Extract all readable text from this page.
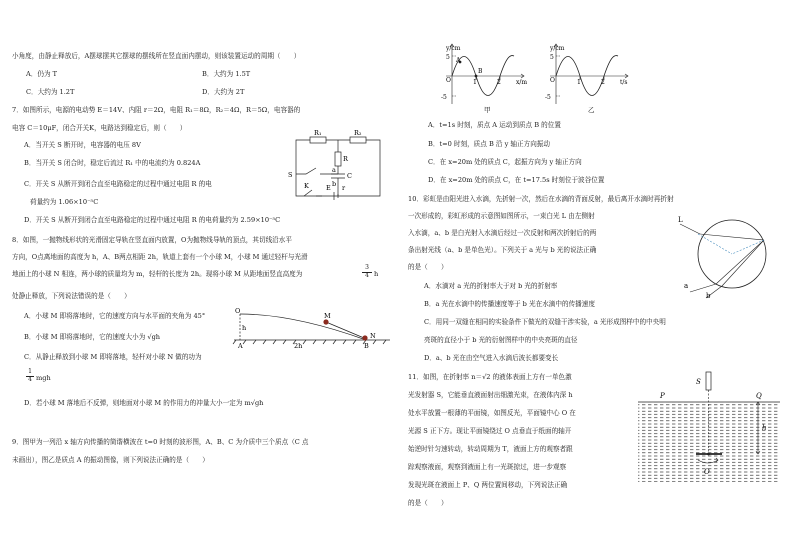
小角度，由静止释放后，A摆球摆其它摆球的摆线所在竖直面内摆动，则该装置运动的周期（　　）
A．仍为 T	B．大约为 1.5T
C．大约为 1.2T	D．大约为 2T
7．如图所示，电源的电动势 E＝14V、内阻 r＝2Ω，电阻 R₁＝8Ω，R₂＝4Ω，R＝5Ω，电容器的
电容 C＝10μF，闭合开关K，电路达到稳定后，则（　　）
A．当开关 S 断开时，电容器的电压 8V
B．当开关 S 闭合时，稳定后流过 R₁ 中的电流约为 0.824A
C．开关 S 从断开到闭合直至电路稳定的过程中通过电阻 R 的电
荷量约为 1.06×10⁻⁵C
D．开关 S 从断开到闭合直至电路稳定的过程中通过电阻 R 的电荷量约为 2.59×10⁻⁵C
R₁	R₂
R
a
C
b
S
K	E r
8．如图，一抛物线形状的光滑固定导轨在竖直面内放置，O为抛物线导轨的顶点，其切线沿水平
方向，O点离地面的高度为 h，A、B两点相距 2h，轨道上套有一个小球 M，小球 M 通过轻杆与光滑
地面上的小球 N 相连，两小球的质量均为 m，轻杆的长度为 2h。现将小球 M 从距地面竖直高度为	$\frac{3}{4}$ h
处静止释放，下列说法错误的是（　　）
A．小球 M 即将落地时，它的速度方向与水平面的夹角为 45°
B．小球 M 即将落地时，它的速度大小为 √gh
C．从静止释放到小球 M 即将落地，轻杆对小球 N 做的功为
$\frac{1}{4}$ mgh
D．若小球 M 落地后不反弹，则地面对小球 M 的作用力的冲量大小一定为 m√gh
O
M
N
h
A	B
2h
9．图甲为一列沿 x 轴方向传播的简谐横波在 t=0 时刻的波形图，A、B、C 为介质中三个质点（C 点
未画出），图乙是质点 A 的振动图像，则下列说法正确的是（　　）
y/cm
x/m
5
-5
O	1	2
A
B
甲
y/cm
t/s
5
-5
O	1	2
乙
A．t=1s 时刻，质点 A 运动到质点 B 的位置
B．t=0 时刻，质点 B 沿 y 轴正方向振动
C．在 x=20m 处的质点 C，起振方向为 y 轴正方向
D．在 x=20m 处的质点 C，在 t=17.5s 时刻位于波谷位置
10．彩虹是由阳光进入水滴，先折射一次，然后在水滴的背面反射，最后离开水滴时再折射
一次形成的，彩虹形成的示意图如图所示，一束白光 L 由左侧射
入水滴，a、b 是白光射入水滴后经过一次反射和两次折射后的两
条出射光线（a、b 是单色光）。下列关于 a 光与 b 光的说法正确
的是（　　）
L
a
b
A．水滴对 a 光的折射率大于对 b 光的折射率
B．a 光在水滴中的传播速度等于 b 光在水滴中的传播速度
C．用同一双缝在相同的实验条件下做光的双缝干涉实验，a 光形成图样中的中央明
亮斑的直径小于 b 光的衍射图样中的中央亮斑的直径
D．a、b 光在由空气进入水滴后波长都要变长
11．如图，在折射率 n＝√2 的液体表面上方有一单色激
光发射器 S，它能垂直液面射出细激光束，在液体内深 h
处水平放置一根薄的平面镜，如图反光，平面镜中心 O 在
光源 S 正下方。现让平面镜绕过 O 点垂直于纸面的轴开
始逆时针匀速转动，转动周期为 T，液面上方的观察者跟
踪观察液面，观察到液面上有一光斑掠过，进一步观察
发现光斑在液面上 P、Q 两位置间移动，下列说法正确
的是（　　）
S
P	Q
h
O
